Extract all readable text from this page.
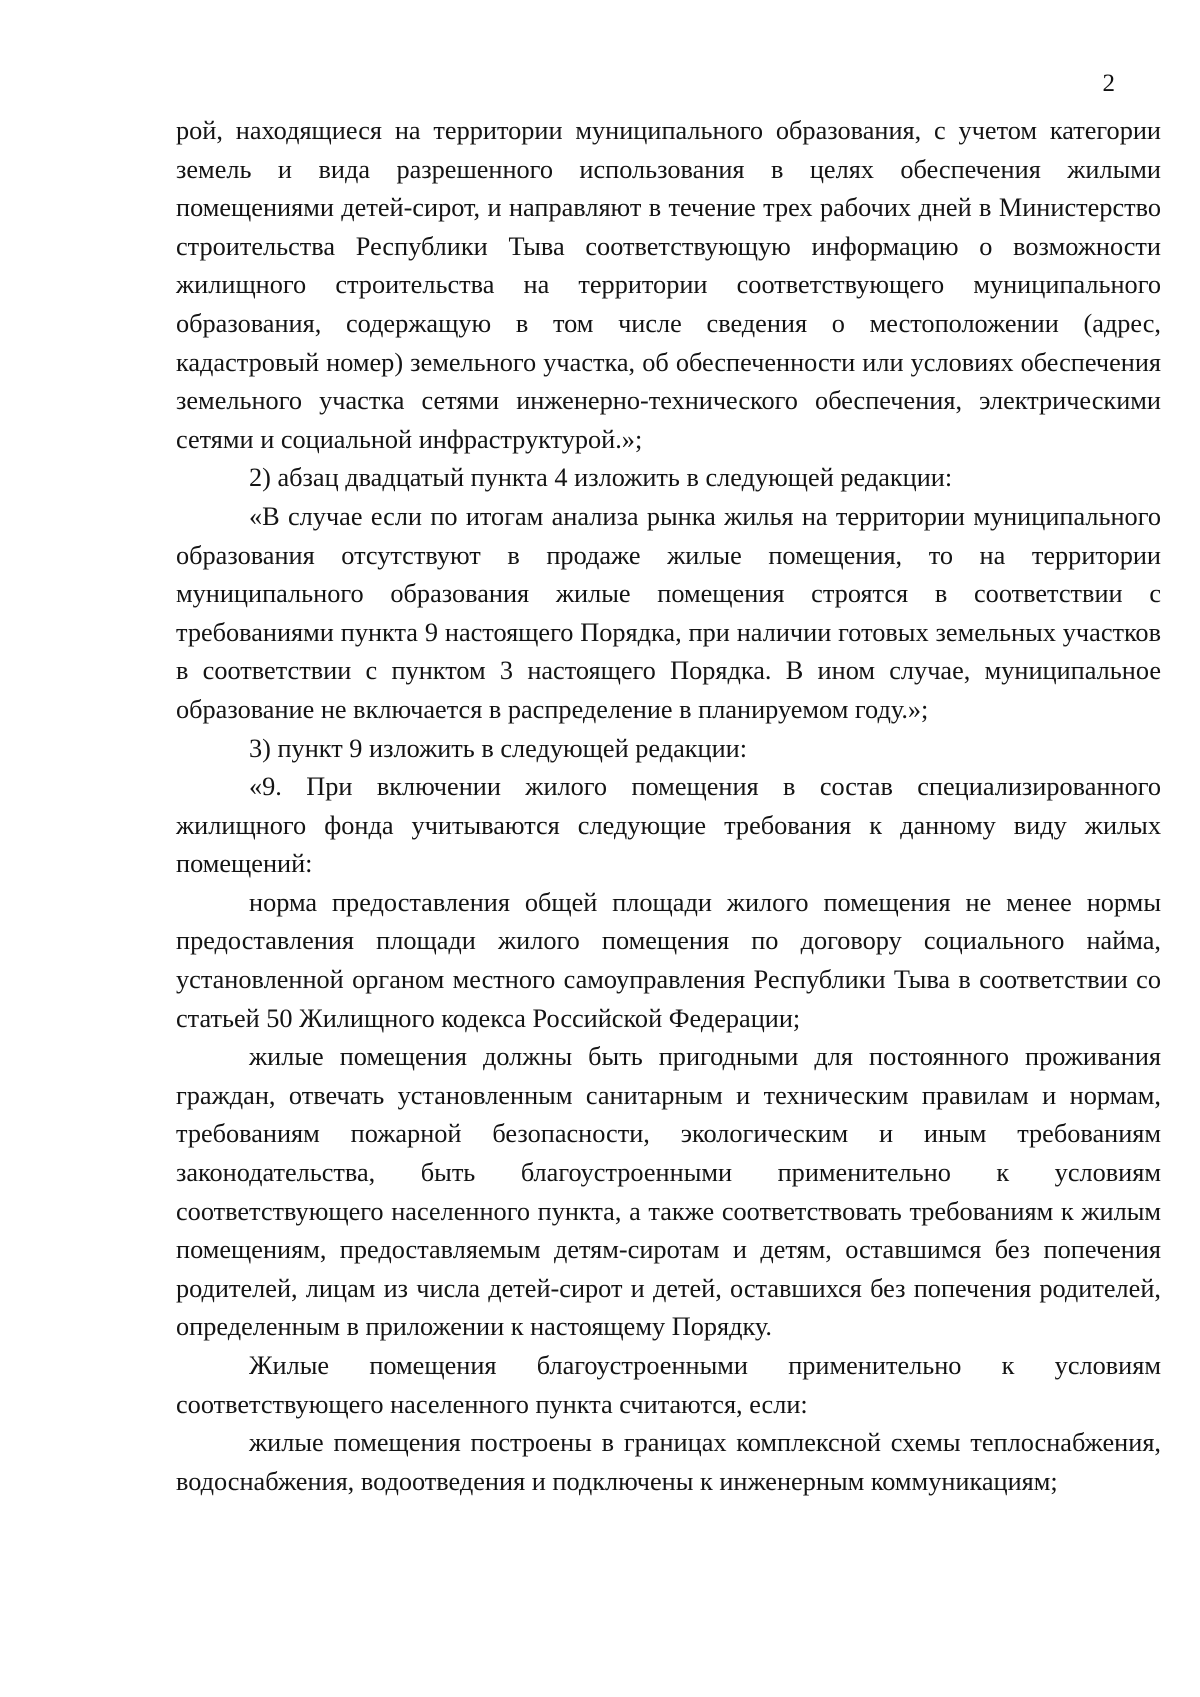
2

рой, находящиеся на территории муниципального образования, с учетом категории земель и вида разрешенного использования в целях обеспечения жилыми помещениями детей-сирот, и направляют в течение трех рабочих дней в Министерство строительства Республики Тыва соответствующую информацию о возможности жилищного строительства на территории соответствующего муниципального образования, содержащую в том числе сведения о местоположении (адрес, кадастровый номер) земельного участка, об обеспеченности или условиях обеспечения земельного участка сетями инженерно-технического обеспечения, электрическими сетями и социальной инфраструктурой.»;

2) абзац двадцатый пункта 4 изложить в следующей редакции:

«В случае если по итогам анализа рынка жилья на территории муниципального образования отсутствуют в продаже жилые помещения, то на территории муниципального образования жилые помещения строятся в соответствии с требованиями пункта 9 настоящего Порядка, при наличии готовых земельных участков в соответствии с пунктом 3 настоящего Порядка. В ином случае, муниципальное образование не включается в распределение в планируемом году.»;

3) пункт 9 изложить в следующей редакции:

«9. При включении жилого помещения в состав специализированного жилищного фонда учитываются следующие требования к данному виду жилых помещений:

норма предоставления общей площади жилого помещения не менее нормы предоставления площади жилого помещения по договору социального найма, установленной органом местного самоуправления Республики Тыва в соответствии со статьей 50 Жилищного кодекса Российской Федерации;

жилые помещения должны быть пригодными для постоянного проживания граждан, отвечать установленным санитарным и техническим правилам и нормам, требованиям пожарной безопасности, экологическим и иным требованиям законодательства, быть благоустроенными применительно к условиям соответствующего населенного пункта, а также соответствовать требованиям к жилым помещениям, предоставляемым детям-сиротам и детям, оставшимся без попечения родителей, лицам из числа детей-сирот и детей, оставшихся без попечения родителей, определенным в приложении к настоящему Порядку.

Жилые помещения благоустроенными применительно к условиям соответствующего населенного пункта считаются, если:

жилые помещения построены в границах комплексной схемы теплоснабжения, водоснабжения, водоотведения и подключены к инженерным коммуникациям;
